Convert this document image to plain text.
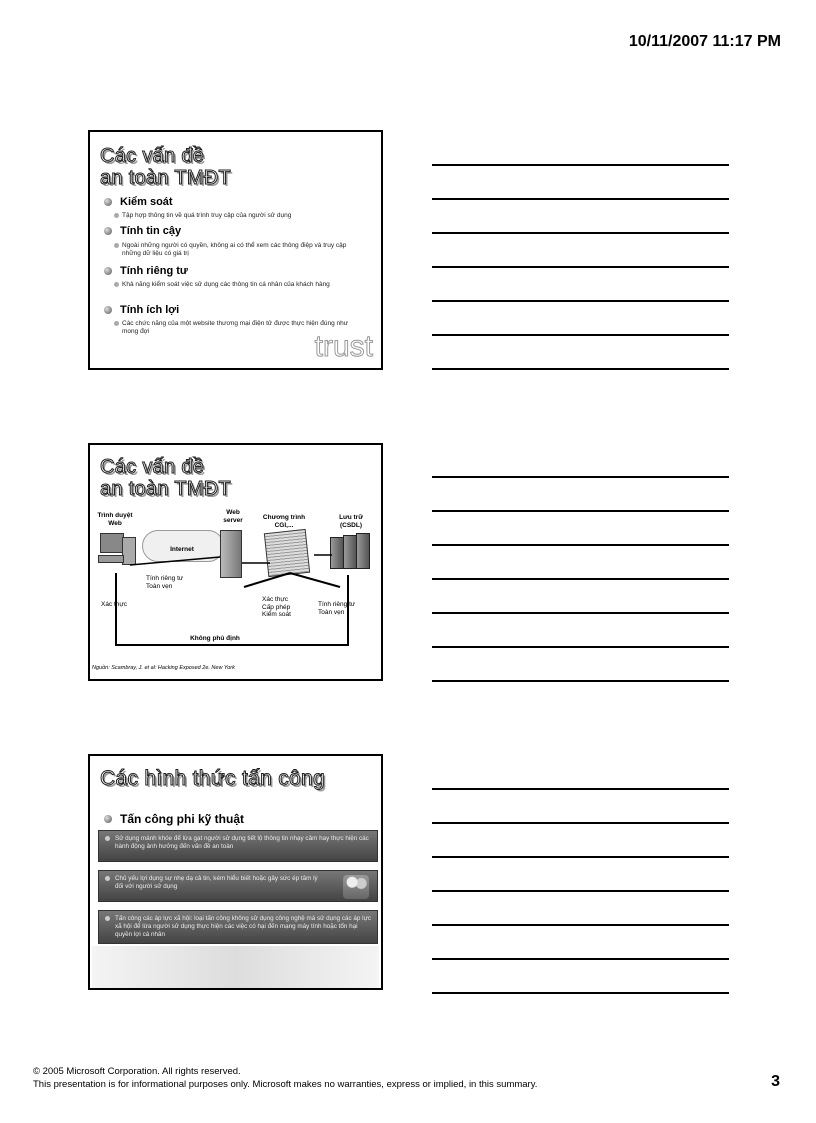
10/11/2007 11:17 PM
Các vấn đề
an toàn TMĐT
Kiểm soát
Tập hợp thông tin về quá trình truy cập của người sử dụng
Tính tin cậy
Ngoài những người có quyền, không ai có thể xem các thông điệp và truy cập những dữ liệu có giá trị
Tính riêng tư
Khả năng kiểm soát việc sử dụng các thông tin cá nhân của khách hàng
Tính ích lợi
Các chức năng của một website thương mại điện tử được thực hiện đúng như mong đợi	trust
Các vấn đề
an toàn TMĐT
Trình duyệt Web
Web server	Chương trình CGI,...
Lưu trữ (CSDL)
Internet
Tính riêng tư
Toàn vẹn
Xác thực
Xác thực
Cấp phép
Kiểm soát
Tính riêng tư
Toàn vẹn
Không phủ định
Nguồn: Scambray, J. et al: Hacking Exposed 2e. New York
Các hình thức tấn công
Tấn công phi kỹ thuật
Sử dụng mánh khóe để lừa gạt người sử dụng tiết lộ thông tin nhạy cảm hay thực hiện các hành động ảnh hưởng đến vấn đề an toàn
Chủ yếu lợi dụng sự nhẹ dạ cả tin, kém hiểu biết hoặc gây sức ép tâm lý đối với người sử dụng
Tấn công các áp lực xã hội: loại tấn công không sử dụng công nghệ mà sử dụng các áp lực xã hội để lừa người sử dụng thực hiện các việc có hại đến mạng máy tính hoặc tổn hại quyền lợi cá nhân
© 2005 Microsoft Corporation. All rights reserved.
This presentation is for informational purposes only. Microsoft makes no warranties, express or implied, in this summary.	3
